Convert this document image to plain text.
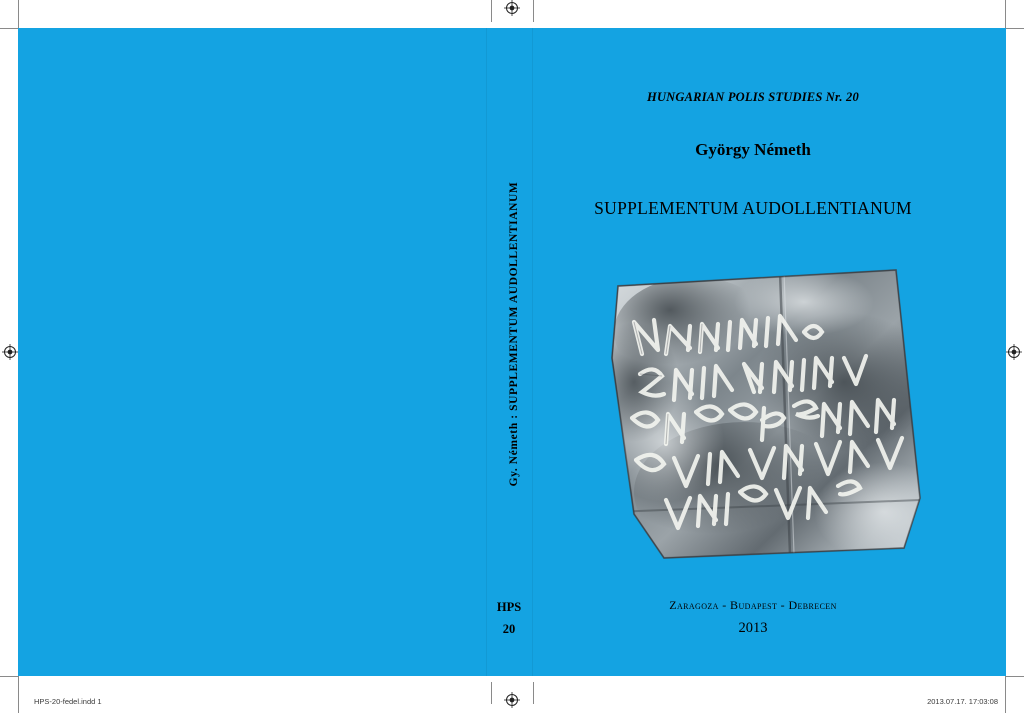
Gy. Németh : SUPPLEMENTUM AUDOLLENTIANUM
HPS
20
HUNGARIAN POLIS STUDIES Nr. 20
György Németh
SUPPLEMENTUM AUDOLLENTIANUM
Zaragoza - Budapest - Debrecen
2013
HPS-20-fedel.indd 1	2013.07.17. 17:03:08
